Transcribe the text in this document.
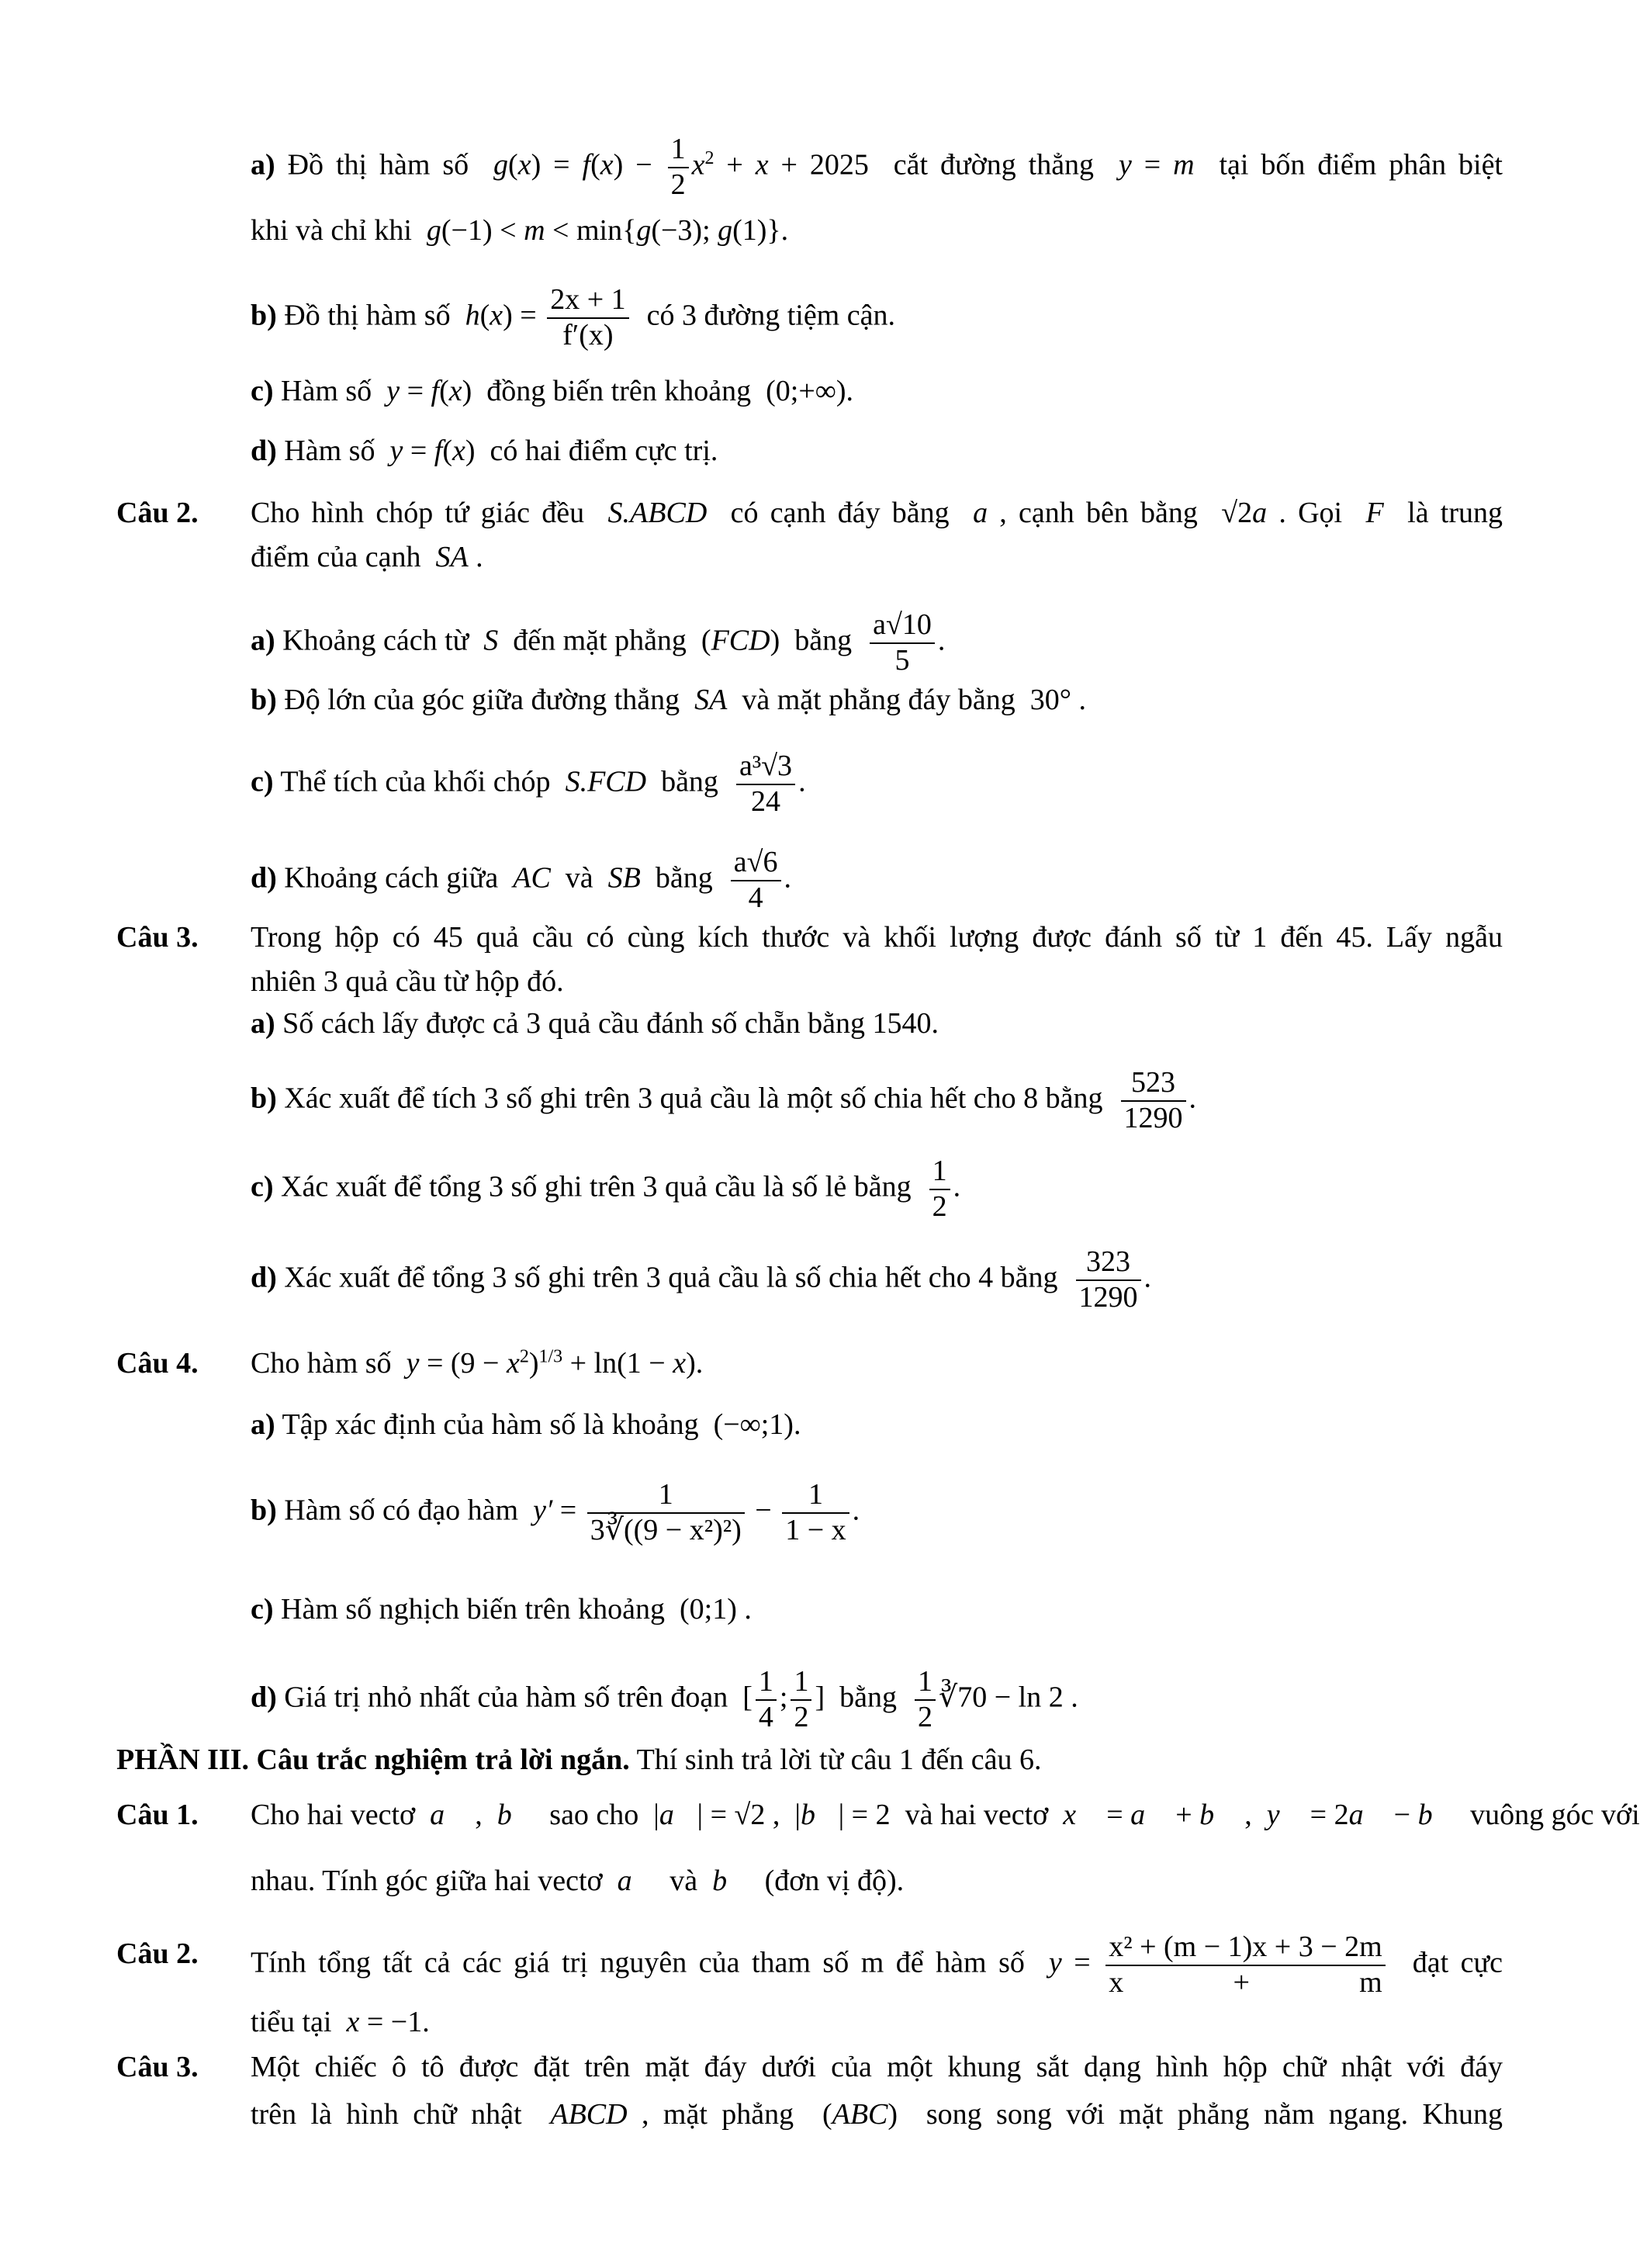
a) Đồ thị hàm số  $g(x) = f(x) - \frac{1}{2} x^2 + x + 2025$  cắt đường thẳng  y = m  tại bốn điểm phân biệt
khi và chỉ khi  g(−1) < m < min{g(−3); g(1)}.
b) Đồ thị hàm số  $h(x) = \frac{2x + 1}{f'(x)}$ có 3 đường tiệm cận.
c) Hàm số  y = f(x)  đồng biến trên khoảng  (0;+∞).
d) Hàm số  y = f(x)  có hai điểm cực trị.
Câu 2. Cho hình chóp tứ giác đều  S.ABCD  có cạnh đáy bằng  a , cạnh bên bằng  √2a . Gọi  F  là trung
điểm của cạnh  SA .
a) Khoảng cách từ  S  đến mặt phẳng  (FCD)  bằng $\frac{a√10}{5}$ .
b) Độ lớn của góc giữa đường thẳng  SA  và mặt phẳng đáy bằng  30° .
c) Thể tích của khối chóp  S.FCD  bằng $\frac{\text{a³√3}}{24}$ .
d) Khoảng cách giữa  AC  và  SB  bằng $\frac{a√6}{4}$ .
Câu 3. Trong hộp có 45 quả cầu có cùng kích thước và khối lượng được đánh số từ 1 đến 45. Lấy ngẫu
nhiên 3 quả cầu từ hộp đó.
a) Số cách lấy được cả 3 quả cầu đánh số chẵn bằng 1540.
b) Xác xuất để tích 3 số ghi trên 3 quả cầu là một số chia hết cho 8 bằng $\frac{523}{1290}$ .
c) Xác xuất để tổng 3 số ghi trên 3 quả cầu là số lẻ bằng $\frac{1}{2}$ .
d) Xác xuất để tổng 3 số ghi trên 3 quả cầu là số chia hết cho 4 bằng $\frac{323}{1290}$ .
Câu 4. Cho hàm số  $y = (9 - x^2)^{1/3} + \ln(1 - x)$.
a) Tập xác định của hàm số là khoảng  (−∞;1).
b) Hàm số có đạo hàm  $y' = \frac{1}{\text{3∛((9 − x²)²)}} - \frac{1}{1 - x}$ .
c) Hàm số nghịch biến trên khoảng  (0;1) .
d) Giá trị nhỏ nhất của hàm số trên đoạn  [ $\frac{1}{4}$ ; $\frac{1}{2}$ ]  bằng $\frac{1}{2}$ ∛70 − ln 2 .
PHẦN III. Câu trắc nghiệm trả lời ngắn. Thí sinh trả lời từ câu 1 đến câu 6.
Câu 1. Cho hai vectơ  a⃗ ,  b⃗  sao cho  |a⃗| = √2 ,  |b⃗| = 2  và hai vectơ  x⃗ = a⃗ + b⃗ ,  y⃗ = 2a⃗ − b⃗  vuông góc với
nhau. Tính góc giữa hai vectơ  a⃗  và  b⃗  (đơn vị độ).
Câu 2. Tính tổng tất cả các giá trị nguyên của tham số m để hàm số  $y = \frac{\text{x² + (m − 1)x + 3 − 2m}}{x + m}$ đạt cực
tiểu tại  x = −1.
Câu 3. Một chiếc ô tô được đặt trên mặt đáy dưới của một khung sắt dạng hình hộp chữ nhật với đáy
trên là hình chữ nhật  ABCD , mặt phẳng  (ABC)  song song với mặt phẳng nằm ngang. Khung
